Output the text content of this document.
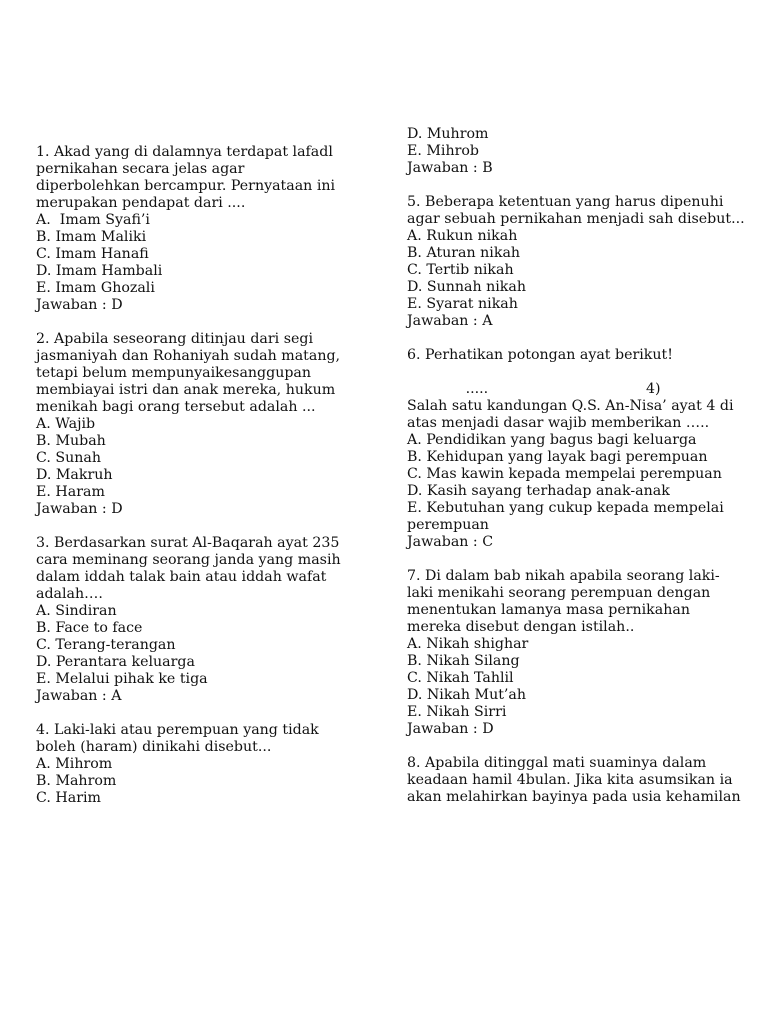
1. Akad yang di dalamnya terdapat lafadl
pernikahan secara jelas agar
diperbolehkan bercampur. Pernyataan ini
merupakan pendapat dari ....
A.  Imam Syafi’i
B. Imam Maliki
C. Imam Hanafi
D. Imam Hambali
E. Imam Ghozali
Jawaban : D
2. Apabila seseorang ditinjau dari segi
jasmaniyah dan Rohaniyah sudah matang,
tetapi belum mempunyaikesanggupan
membiayai istri dan anak mereka, hukum
menikah bagi orang tersebut adalah ...
A. Wajib
B. Mubah
C. Sunah
D. Makruh
E. Haram
Jawaban : D
3. Berdasarkan surat Al-Baqarah ayat 235
cara meminang seorang janda yang masih
dalam iddah talak bain atau iddah wafat
adalah….
A. Sindiran
B. Face to face
C. Terang-terangan
D. Perantara keluarga
E. Melalui pihak ke tiga
Jawaban : A
4. Laki-laki atau perempuan yang tidak
boleh (haram) dinikahi disebut...
A. Mihrom
B. Mahrom
C. Harim
D. Muhrom
E. Mihrob
Jawaban : B
5. Beberapa ketentuan yang harus dipenuhi
agar sebuah pernikahan menjadi sah disebut...
A. Rukun nikah
B. Aturan nikah
C. Tertib nikah
D. Sunnah nikah
E. Syarat nikah
Jawaban : A
6. Perhatikan potongan ayat berikut!
.....                                   4)
Salah satu kandungan Q.S. An-Nisa’ ayat 4 di
atas menjadi dasar wajib memberikan …..
A. Pendidikan yang bagus bagi keluarga
B. Kehidupan yang layak bagi perempuan
C. Mas kawin kepada mempelai perempuan
D. Kasih sayang terhadap anak-anak
E. Kebutuhan yang cukup kepada mempelai
perempuan
Jawaban : C
7. Di dalam bab nikah apabila seorang laki-
laki menikahi seorang perempuan dengan
menentukan lamanya masa pernikahan
mereka disebut dengan istilah..
A. Nikah shighar
B. Nikah Silang
C. Nikah Tahlil
D. Nikah Mut’ah
E. Nikah Sirri
Jawaban : D
8. Apabila ditinggal mati suaminya dalam
keadaan hamil 4bulan. Jika kita asumsikan ia
akan melahirkan bayinya pada usia kehamilan
